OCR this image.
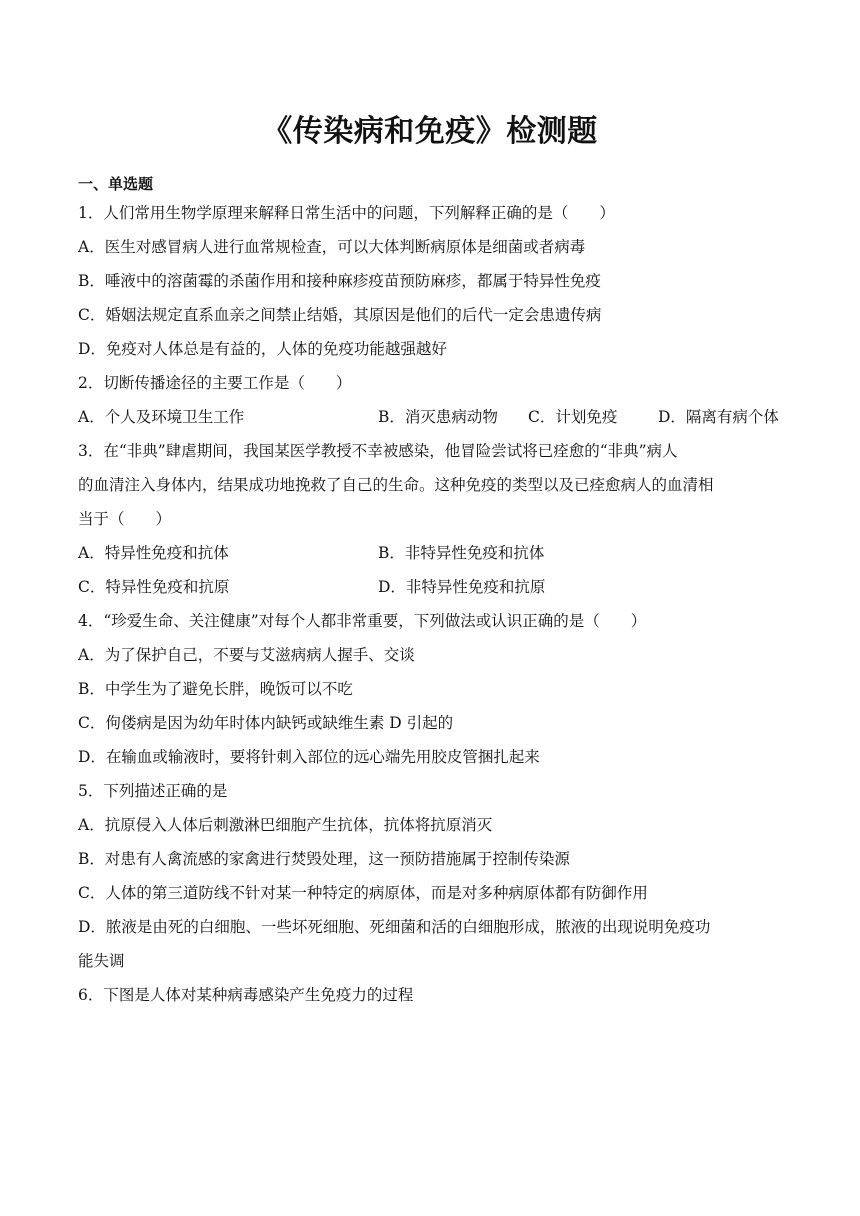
《传染病和免疫》检测题

一、单选题

1．人们常用生物学原理来解释日常生活中的问题，下列解释正确的是（　　）

A．医生对感冒病人进行血常规检查，可以大体判断病原体是细菌或者病毒

B．唾液中的溶菌霉的杀菌作用和接种麻疹疫苗预防麻疹，都属于特异性免疫

C．婚姻法规定直系血亲之间禁止结婚，其原因是他们的后代一定会患遗传病

D．免疫对人体总是有益的，人体的免疫功能越强越好

2．切断传播途径的主要工作是（　　）

A．个人及环境卫生工作	B．消灭患病动物	C．计划免疫	D．隔离有病个体

3．在“非典”肆虐期间，我国某医学教授不幸被感染，他冒险尝试将已痊愈的“非典”病人

的血清注入身体内，结果成功地挽救了自己的生命。这种免疫的类型以及已痊愈病人的血清相

当于（　　）

A．特异性免疫和抗体	B．非特异性免疫和抗体
C．特异性免疫和抗原	D．非特异性免疫和抗原

4．“珍爱生命、关注健康”对每个人都非常重要，下列做法或认识正确的是（　　）

A．为了保护自己，不要与艾滋病病人握手、交谈

B．中学生为了避免长胖，晚饭可以不吃

C．佝偻病是因为幼年时体内缺钙或缺维生素 D 引起的

D．在输血或输液时，要将针刺入部位的远心端先用胶皮管捆扎起来

5．下列描述正确的是

A．抗原侵入人体后刺激淋巴细胞产生抗体，抗体将抗原消灭

B．对患有人禽流感的家禽进行焚毁处理，这一预防措施属于控制传染源

C．人体的第三道防线不针对某一种特定的病原体，而是对多种病原体都有防御作用

D．脓液是由死的白细胞、一些坏死细胞、死细菌和活的白细胞形成，脓液的出现说明免疫功

能失调

6．下图是人体对某种病毒感染产生免疫力的过程
